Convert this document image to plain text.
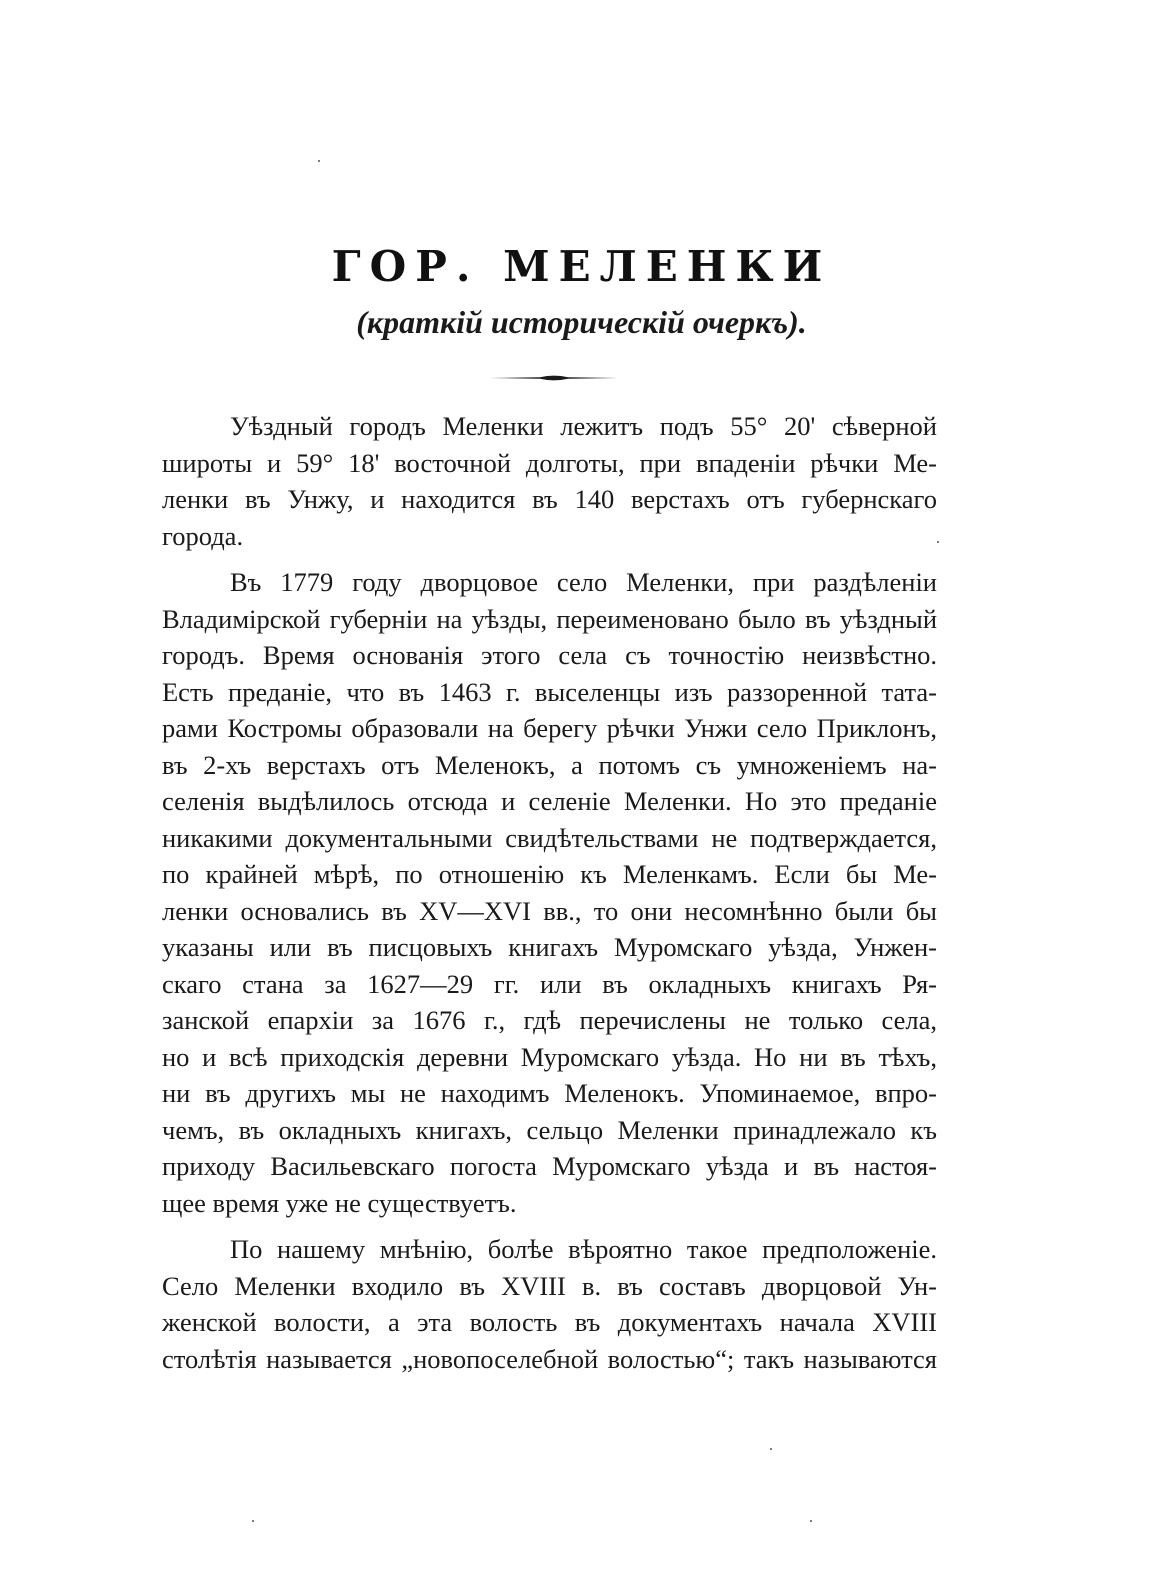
ГОР. МЕЛЕНКИ
(краткій историческій очеркъ).

Уѣздный городъ Меленки лежитъ подъ 55° 20' сѣверной
широты и 59° 18' восточной долготы, при впаденіи рѣчки Ме-
ленки въ Унжу, и находится въ 140 верстахъ отъ губернскаго
города.

Въ 1779 году дворцовое село Меленки, при раздѣленіи
Владимірской губерніи на уѣзды, переименовано было въ уѣздный
городъ. Время основанія этого села съ точностію неизвѣстно.
Есть преданіе, что въ 1463 г. выселенцы изъ раззоренной тата-
рами Костромы образовали на берегу рѣчки Унжи село Приклонъ,
въ 2-хъ верстахъ отъ Меленокъ, а потомъ съ умноженіемъ на-
селенія выдѣлилось отсюда и селеніе Меленки. Но это преданіе
никакими документальными свидѣтельствами не подтверждается,
по крайней мѣрѣ, по отношенію къ Меленкамъ. Если бы Ме-
ленки основались въ XV—XVI вв., то они несомнѣнно были бы
указаны или въ писцовыхъ книгахъ Муромскаго уѣзда, Унжен-
скаго стана за 1627—29 гг. или въ окладныхъ книгахъ Ря-
занской епархіи за 1676 г., гдѣ перечислены не только села,
но и всѣ приходскія деревни Муромскаго уѣзда. Но ни въ тѣхъ,
ни въ другихъ мы не находимъ Меленокъ. Упоминаемое, впро-
чемъ, въ окладныхъ книгахъ, сельцо Меленки принадлежало къ
приходу Васильевскаго погоста Муромскаго уѣзда и въ настоя-
щее время уже не существуетъ.

По нашему мнѣнію, болѣе вѣроятно такое предположеніе.
Село Меленки входило въ XVIII в. въ составъ дворцовой Ун-
женской волости, а эта волость въ документахъ начала XVIII
столѣтія называется „новопоселебной волостью“; такъ называются
